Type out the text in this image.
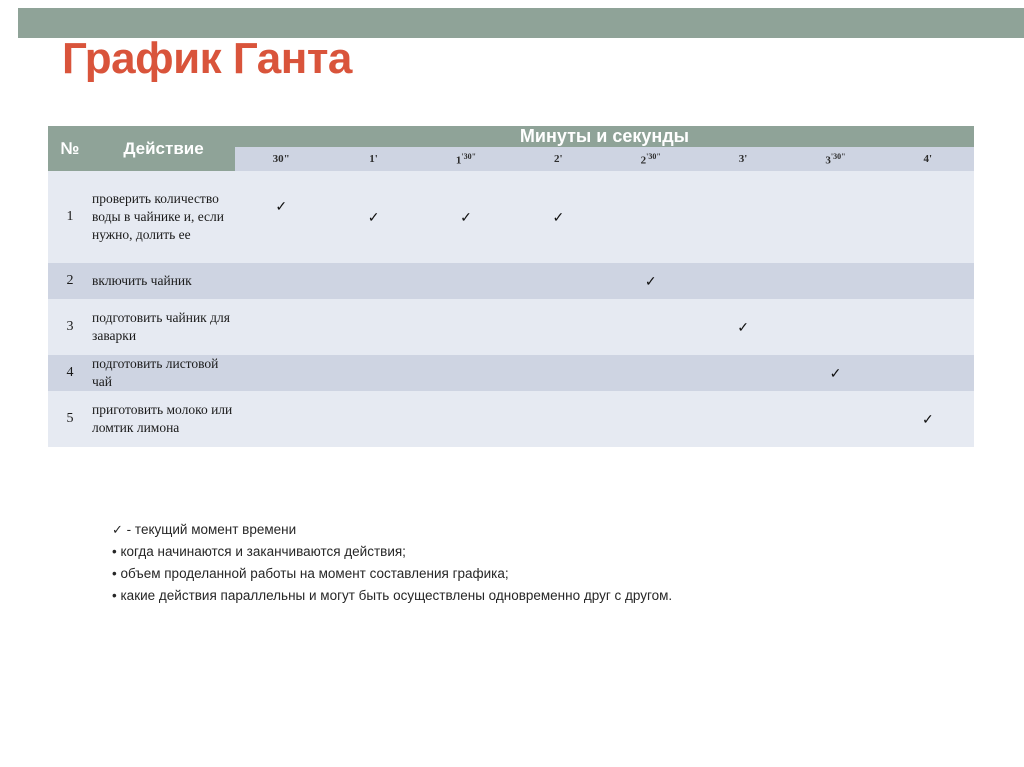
График Ганта
№	Действие	Минуты и секунды							
		30"	1'	$1^{'30"}$	2'	$2^{'30"}$	3'	$3^{'30"}$	4'
1	проверить количество воды в чайнике и, если нужно, долить ее	✓	✓	✓	✓				
2	включить чайник					✓			
3	подготовить чайник для заварки						✓		
4	подготовить листовой чай							✓	
5	приготовить молоко или ломтик лимона								✓
✓ - текущий момент времени
• когда начинаются и заканчиваются действия;
• объем проделанной работы на момент составления графика;
• какие действия параллельны и могут быть осуществлены одновременно друг с другом.
